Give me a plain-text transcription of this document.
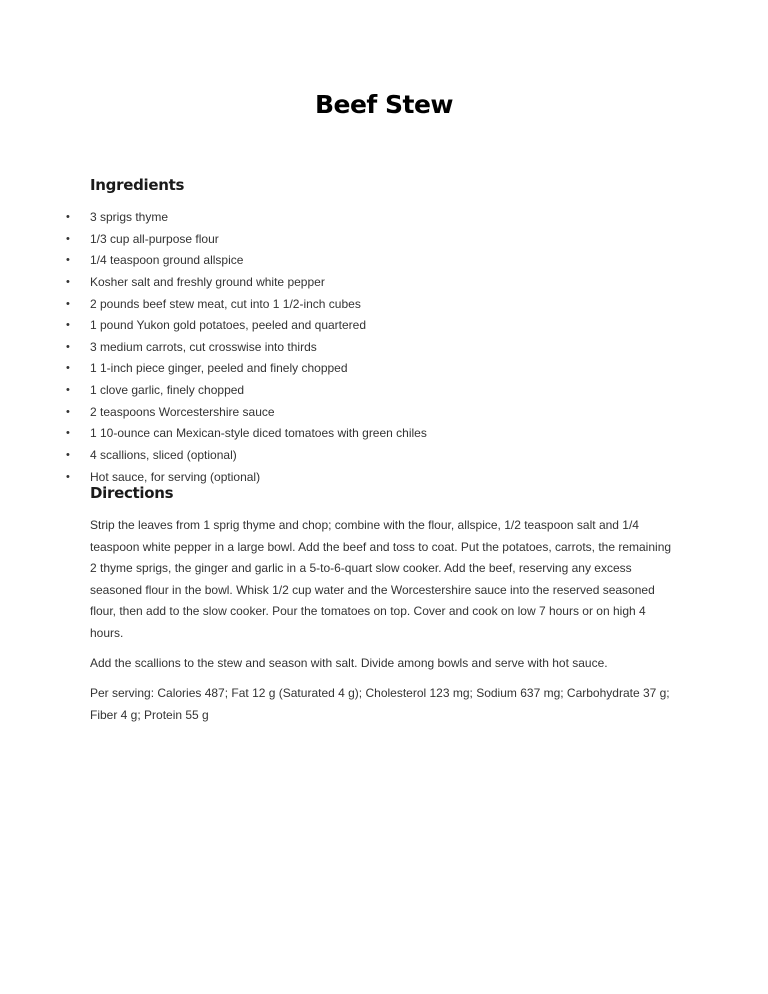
Beef Stew
Ingredients
• 3 sprigs thyme
• 1/3 cup all-purpose flour
• 1/4 teaspoon ground allspice
• Kosher salt and freshly ground white pepper
• 2 pounds beef stew meat, cut into 1 1/2-inch cubes
• 1 pound Yukon gold potatoes, peeled and quartered
• 3 medium carrots, cut crosswise into thirds
• 1 1-inch piece ginger, peeled and finely chopped
• 1 clove garlic, finely chopped
• 2 teaspoons Worcestershire sauce
• 1 10-ounce can Mexican-style diced tomatoes with green chiles
• 4 scallions, sliced (optional)
• Hot sauce, for serving (optional)
Directions

Strip the leaves from 1 sprig thyme and chop; combine with the flour, allspice, 1/2 teaspoon salt and 1/4 teaspoon white pepper in a large bowl. Add the beef and toss to coat. Put the potatoes, carrots, the remaining 2 thyme sprigs, the ginger and garlic in a 5-to-6-quart slow cooker. Add the beef, reserving any excess seasoned flour in the bowl. Whisk 1/2 cup water and the Worcestershire sauce into the reserved seasoned flour, then add to the slow cooker. Pour the tomatoes on top. Cover and cook on low 7 hours or on high 4 hours.

Add the scallions to the stew and season with salt. Divide among bowls and serve with hot sauce.

Per serving: Calories 487; Fat 12 g (Saturated 4 g); Cholesterol 123 mg; Sodium 637 mg; Carbohydrate 37 g; Fiber 4 g; Protein 55 g
